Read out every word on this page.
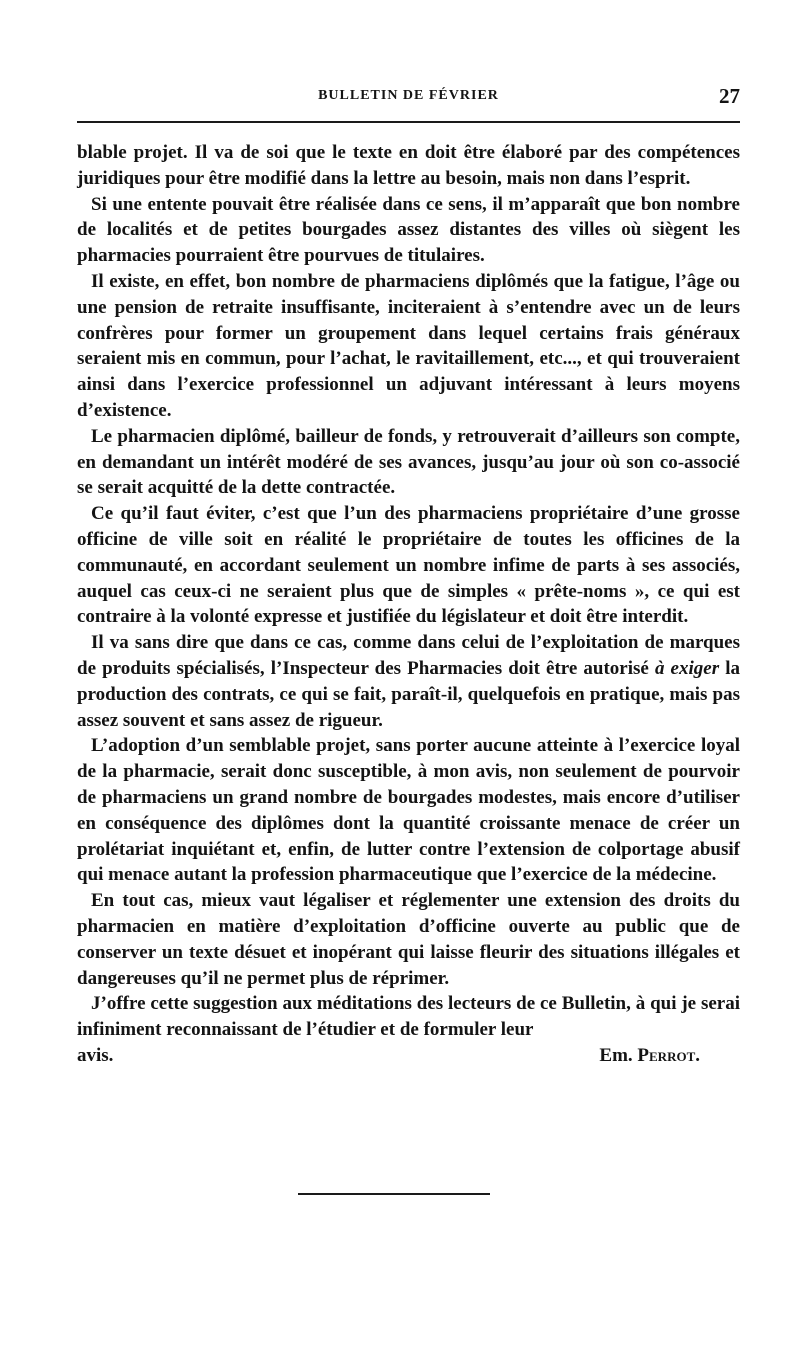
BULLETIN DE FÉVRIER	27

blable projet. Il va de soi que le texte en doit être élaboré par des compétences juridiques pour être modifié dans la lettre au besoin, mais non dans l’esprit.

Si une entente pouvait être réalisée dans ce sens, il m’apparaît que bon nombre de localités et de petites bourgades assez distantes des villes où siègent les pharmacies pourraient être pourvues de titulaires.

Il existe, en effet, bon nombre de pharmaciens diplômés que la fatigue, l’âge ou une pension de retraite insuffisante, inciteraient à s’entendre avec un de leurs confrères pour former un groupement dans lequel certains frais généraux seraient mis en commun, pour l’achat, le ravitaillement, etc..., et qui trouveraient ainsi dans l’exercice professionnel un adjuvant intéressant à leurs moyens d’existence.

Le pharmacien diplômé, bailleur de fonds, y retrouverait d’ailleurs son compte, en demandant un intérêt modéré de ses avances, jusqu’au jour où son co-associé se serait acquitté de la dette contractée.

Ce qu’il faut éviter, c’est que l’un des pharmaciens propriétaire d’une grosse officine de ville soit en réalité le propriétaire de toutes les officines de la communauté, en accordant seulement un nombre infime de parts à ses associés, auquel cas ceux-ci ne seraient plus que de simples « prête-noms », ce qui est contraire à la volonté expresse et justifiée du législateur et doit être interdit.

Il va sans dire que dans ce cas, comme dans celui de l’exploitation de marques de produits spécialisés, l’Inspecteur des Pharmacies doit être autorisé à exiger la production des contrats, ce qui se fait, paraît-il, quelquefois en pratique, mais pas assez souvent et sans assez de rigueur.

L’adoption d’un semblable projet, sans porter aucune atteinte à l’exercice loyal de la pharmacie, serait donc susceptible, à mon avis, non seulement de pourvoir de pharmaciens un grand nombre de bourgades modestes, mais encore d’utiliser en conséquence des diplômes dont la quantité croissante menace de créer un prolétariat inquiétant et, enfin, de lutter contre l’extension de colportage abusif qui menace autant la profession pharmaceutique que l’exercice de la médecine.

En tout cas, mieux vaut légaliser et réglementer une extension des droits du pharmacien en matière d’exploitation d’officine ouverte au public que de conserver un texte désuet et inopérant qui laisse fleurir des situations illégales et dangereuses qu’il ne permet plus de réprimer.

J’offre cette suggestion aux méditations des lecteurs de ce Bulletin, à qui je serai infiniment reconnaissant de l’étudier et de formuler leur

avis.	Em. Perrot.
